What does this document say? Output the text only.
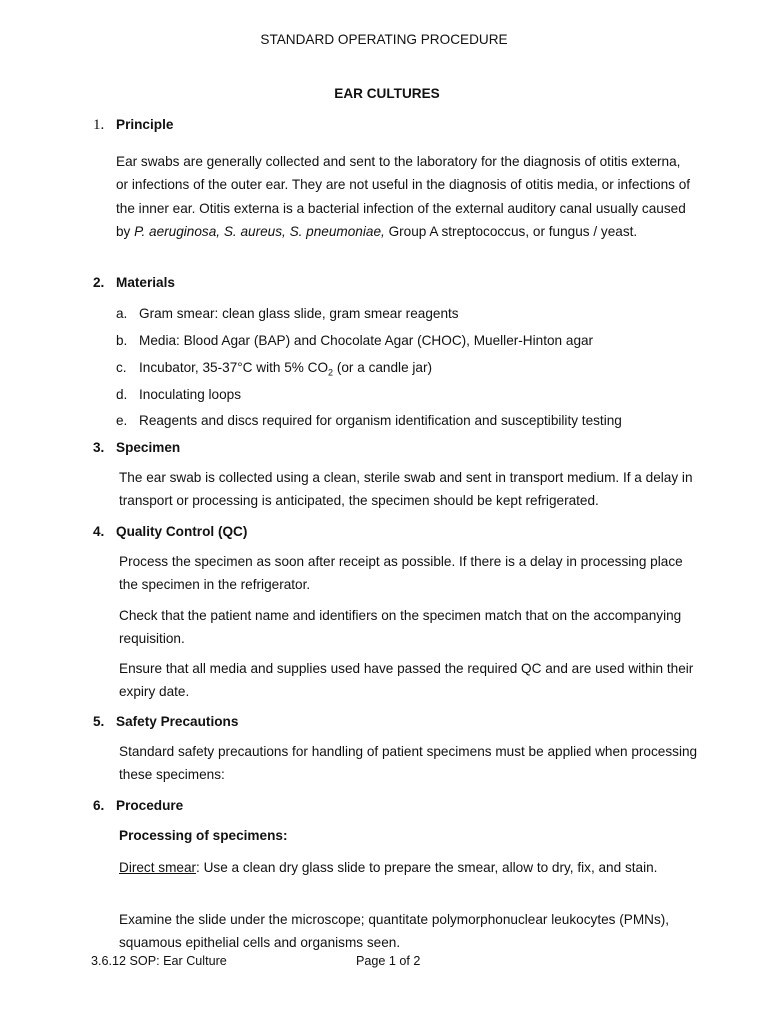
STANDARD OPERATING PROCEDURE
EAR CULTURES
1. Principle

Ear swabs are generally collected and sent to the laboratory for the diagnosis of otitis externa, or infections of the outer ear. They are not useful in the diagnosis of otitis media, or infections of the inner ear. Otitis externa is a bacterial infection of the external auditory canal usually caused by P. aeruginosa, S. aureus, S. pneumoniae, Group A streptococcus, or fungus / yeast.

2. Materials
a. Gram smear: clean glass slide, gram smear reagents
b. Media: Blood Agar (BAP) and Chocolate Agar (CHOC), Mueller-Hinton agar
c. Incubator, 35-37°C with 5% $CO_2$ (or a candle jar)
d. Inoculating loops
e. Reagents and discs required for organism identification and susceptibility testing
3. Specimen

The ear swab is collected using a clean, sterile swab and sent in transport medium. If a delay in transport or processing is anticipated, the specimen should be kept refrigerated.

4. Quality Control (QC)

Process the specimen as soon after receipt as possible. If there is a delay in processing place the specimen in the refrigerator.

Check that the patient name and identifiers on the specimen match that on the accompanying requisition.

Ensure that all media and supplies used have passed the required QC and are used within their expiry date.

5. Safety Precautions

Standard safety precautions for handling of patient specimens must be applied when processing these specimens:

6. Procedure
Processing of specimens:

Direct smear: Use a clean dry glass slide to prepare the smear, allow to dry, fix, and stain.

Examine the slide under the microscope; quantitate polymorphonuclear leukocytes (PMNs), squamous epithelial cells and organisms seen.

3.6.12 SOP: Ear Culture	Page 1 of 2
